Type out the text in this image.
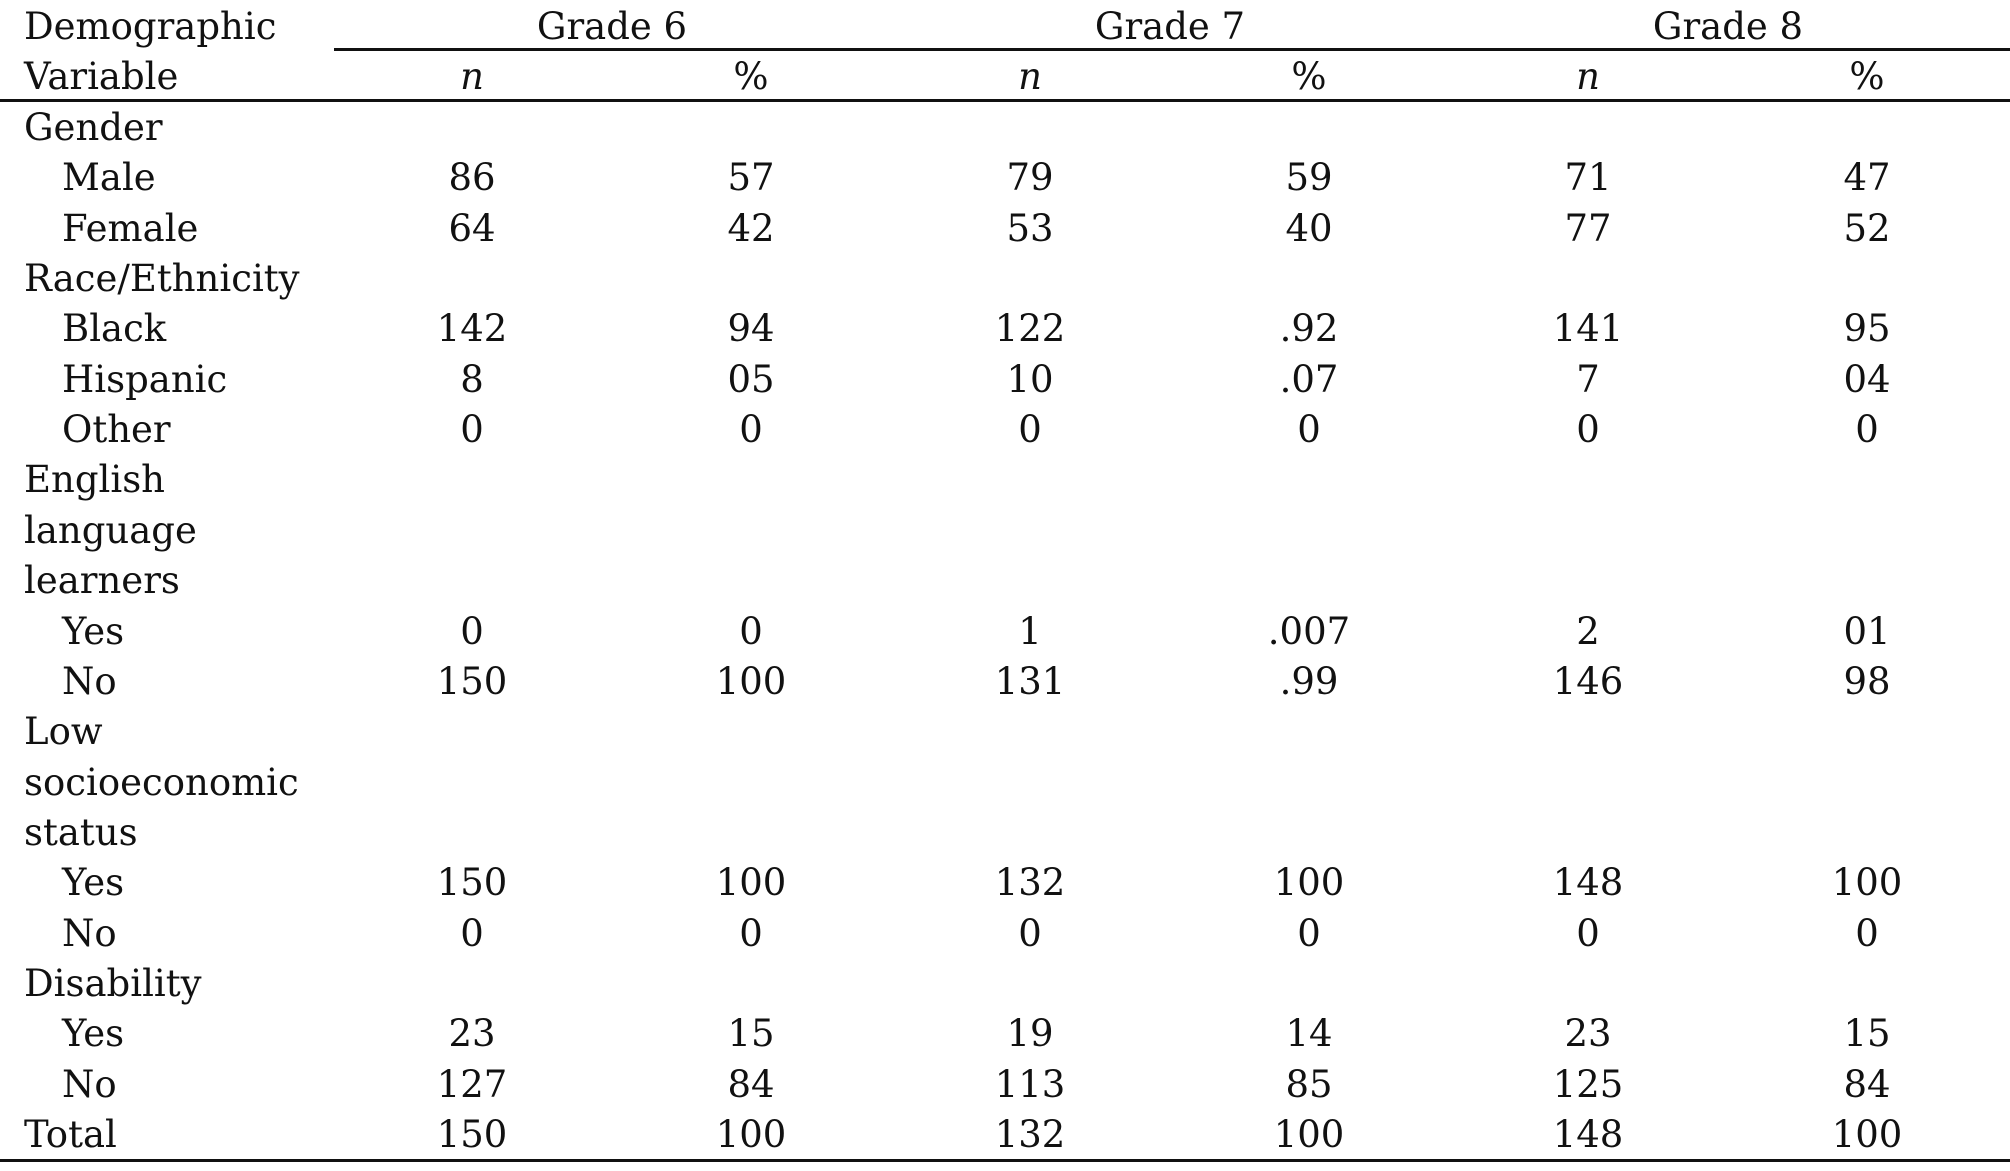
Demographic
Variable
Grade 6	Grade 7	Grade 8
n	%	n	%	n	%
Gender
Male	86	57	79	59	71	47
Female	64	42	53	40	77	52
Race/Ethnicity
Black	142	94	122	.92	141	95
Hispanic	8	05	10	.07	7	04
Other	0	0	0	0	0	0
English
language
learners
Yes	0	0	1	.007	2	01
No	150	100	131	.99	146	98
Low
socioeconomic
status
Yes	150	100	132	100	148	100
No	0	0	0	0	0	0
Disability
Yes	23	15	19	14	23	15
No	127	84	113	85	125	84
Total	150	100	132	100	148	100
